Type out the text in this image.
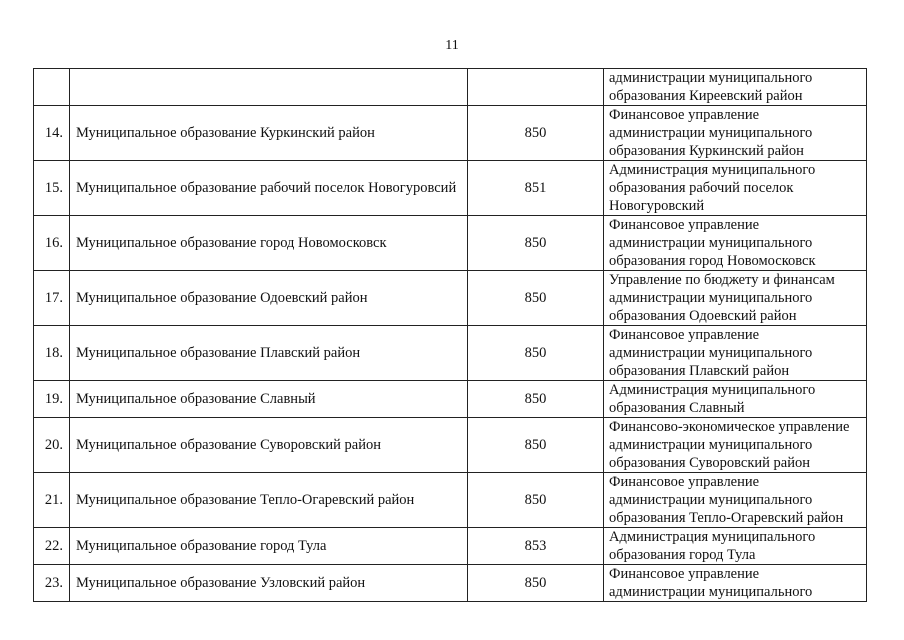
11

			администрации муниципального
образования Киреевский район

14.	Муниципальное образование Куркинский район	850	Финансовое управление
администрации муниципального
образования Куркинский район

15.	Муниципальное образование рабочий поселок Новогуровсий	851	Администрация муниципального
образования рабочий поселок
Новогуровский

16.	Муниципальное образование город Новомосковск	850	Финансовое управление
администрации муниципального
образования город Новомосковск

17.	Муниципальное образование Одоевский район	850	Управление по бюджету и финансам
администрации муниципального
образования Одоевский район

18.	Муниципальное образование Плавский район	850	Финансовое управление
администрации муниципального
образования Плавский район

19.	Муниципальное образование Славный	850	Администрация муниципального
образования Славный

20.	Муниципальное образование Суворовский район	850	Финансово-экономическое управление
администрации муниципального
образования Суворовский район

21.	Муниципальное образование Тепло-Огаревский район	850	Финансовое управление
администрации муниципального
образования Тепло-Огаревский район

22.	Муниципальное образование город Тула	853	Администрация муниципального
образования город Тула

23.	Муниципальное образование Узловский район	850	Финансовое управление
администрации муниципального
